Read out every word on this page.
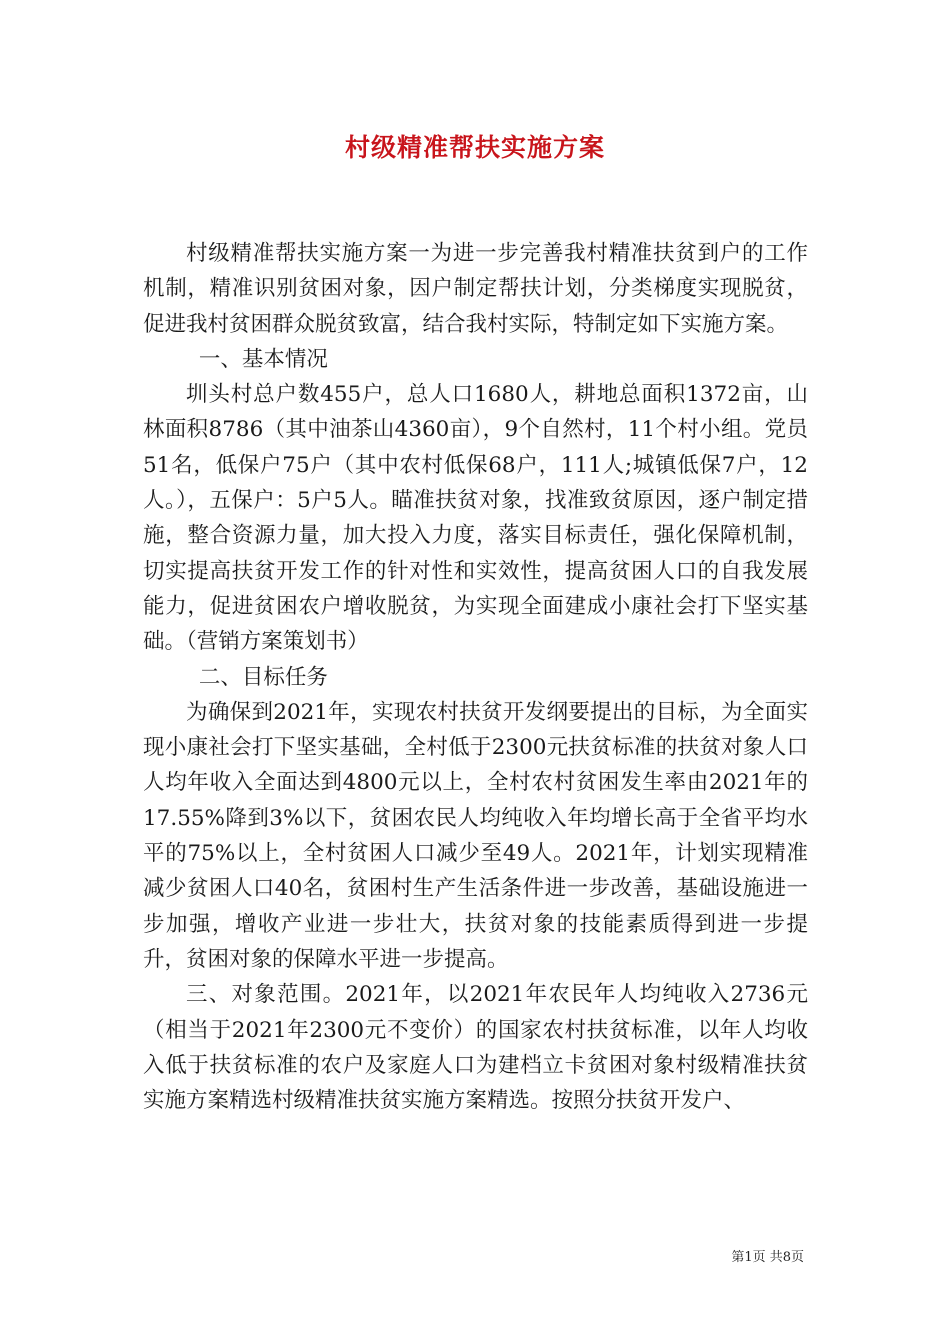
村级精准帮扶实施方案

村级精准帮扶实施方案一为进一步完善我村精准扶贫到户的工作机制，精准识别贫困对象，因户制定帮扶计划，分类梯度实现脱贫，促进我村贫困群众脱贫致富，结合我村实际，特制定如下实施方案。

一、基本情况

圳头村总户数455户，总人口1680人，耕地总面积1372亩，山林面积8786（其中油茶山4360亩），9个自然村，11个村小组。党员51名，低保户75户（其中农村低保68户，111人;城镇低保7户，12人。），五保户：5户5人。瞄准扶贫对象，找准致贫原因，逐户制定措施，整合资源力量，加大投入力度，落实目标责任，强化保障机制，切实提高扶贫开发工作的针对性和实效性，提高贫困人口的自我发展能力，促进贫困农户增收脱贫，为实现全面建成小康社会打下坚实基础。（营销方案策划书）

二、目标任务

为确保到2021年，实现农村扶贫开发纲要提出的目标，为全面实现小康社会打下坚实基础，全村低于2300元扶贫标准的扶贫对象人口人均年收入全面达到4800元以上，全村农村贫困发生率由2021年的17.55%降到3%以下，贫困农民人均纯收入年均增长高于全省平均水平的75%以上，全村贫困人口减少至49人。2021年，计划实现精准减少贫困人口40名，贫困村生产生活条件进一步改善，基础设施进一步加强，增收产业进一步壮大，扶贫对象的技能素质得到进一步提升，贫困对象的保障水平进一步提高。

三、对象范围。2021年，以2021年农民年人均纯收入2736元（相当于2021年2300元不变价）的国家农村扶贫标准，以年人均收入低于扶贫标准的农户及家庭人口为建档立卡贫困对象村级精准扶贫实施方案精选村级精准扶贫实施方案精选。按照分扶贫开发户、

第1页 共8页
